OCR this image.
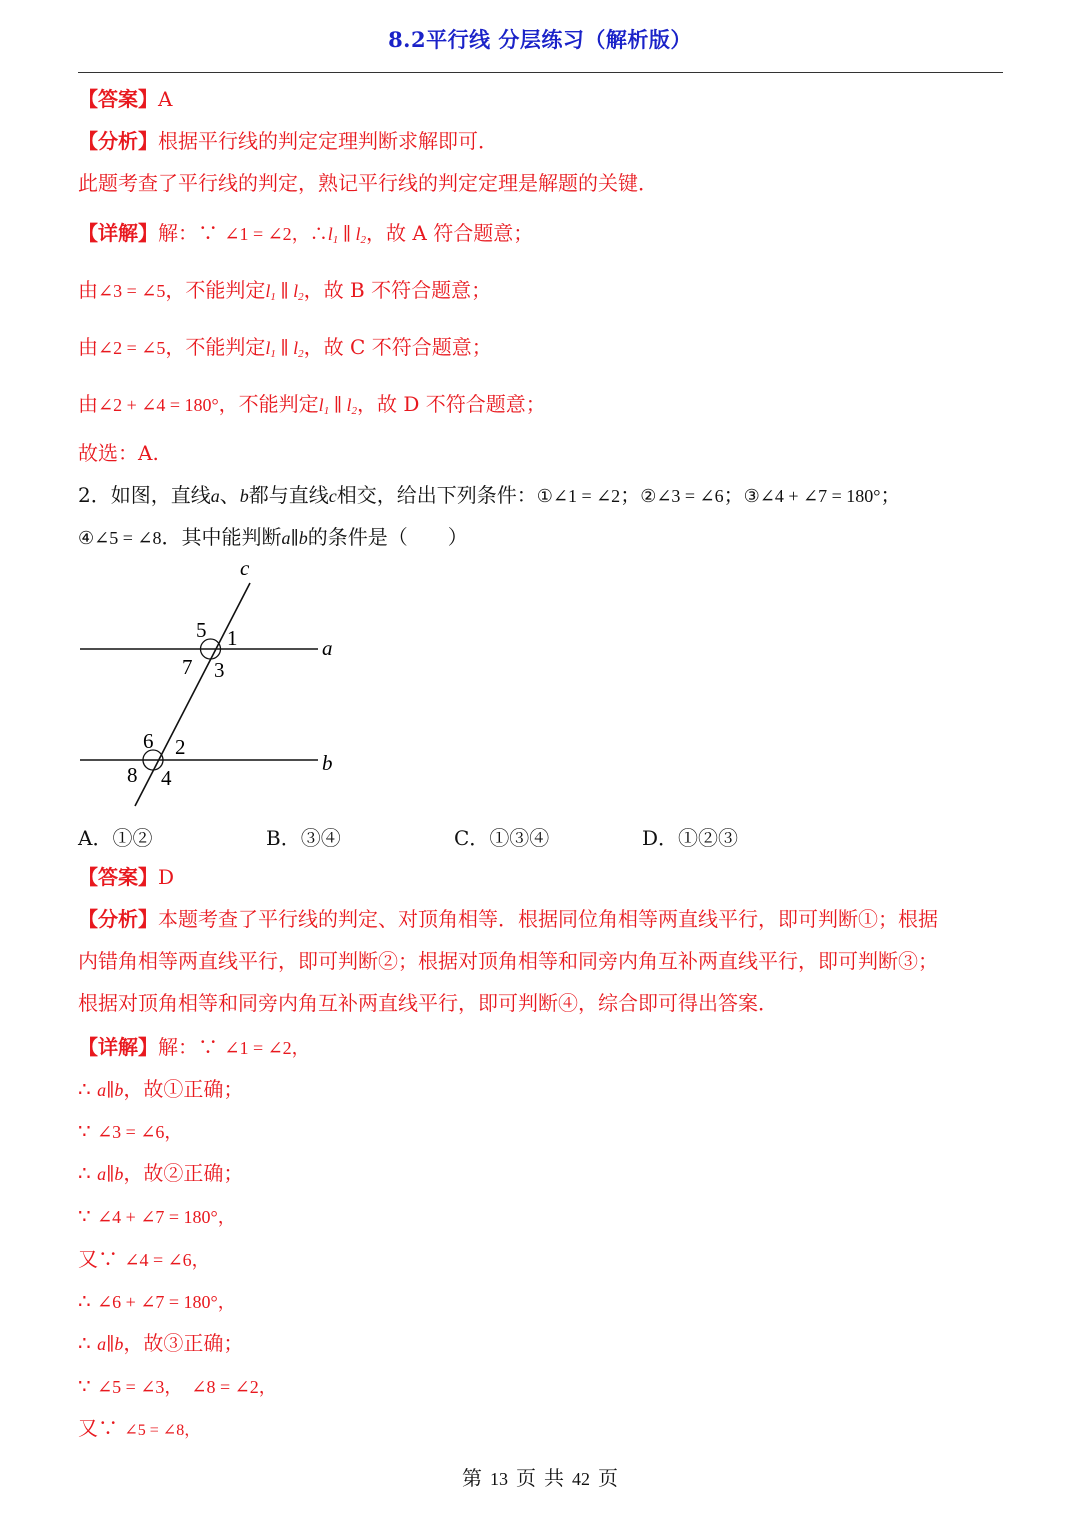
8.2平行线 分层练习（解析版）
【答案】A
【分析】根据平行线的判定定理判断求解即可．
此题考查了平行线的判定，熟记平行线的判定定理是解题的关键．
【详解】解：∵ ∠1 = ∠2，$\therefore l_1$ ∥ $l_2$，故 A 符合题意；
由∠3 = ∠5，不能判定$l_1$ ∥ $l_2$，故 B 不符合题意；
由∠2 = ∠5，不能判定$l_1$ ∥ $l_2$，故 C 不符合题意；
由∠2 + ∠4 = 180°，不能判定$l_1$ ∥ $l_2$，故 D 不符合题意；
故选：A.
2．如图，直线a、b都与直线c相交，给出下列条件：①∠1 = ∠2；②∠3 = ∠6；③∠4 + ∠7 = 180°；
④∠5 = ∠8．其中能判断a∥b的条件是（　　）
c
a
b
5 1
7 3
6 2
8 4
A．①②	B．③④	C．①③④	D．①②③
【答案】D
【分析】本题考查了平行线的判定、对顶角相等．根据同位角相等两直线平行，即可判断①；根据
内错角相等两直线平行，即可判断②；根据对顶角相等和同旁内角互补两直线平行，即可判断③；
根据对顶角相等和同旁内角互补两直线平行，即可判断④，综合即可得出答案．
【详解】解：∵ ∠1 = ∠2，
∴ a∥b，故①正确；
∵ ∠3 = ∠6，
∴ a∥b，故②正确；
∵ ∠4 + ∠7 = 180°，
又∵ ∠4 = ∠6，
∴ ∠6 + ∠7 = 180°，
∴ a∥b，故③正确；
∵ ∠5 = ∠3，  ∠8 = ∠2，
又∵ ∠5 = ∠8，
第 13 页 共 42 页
